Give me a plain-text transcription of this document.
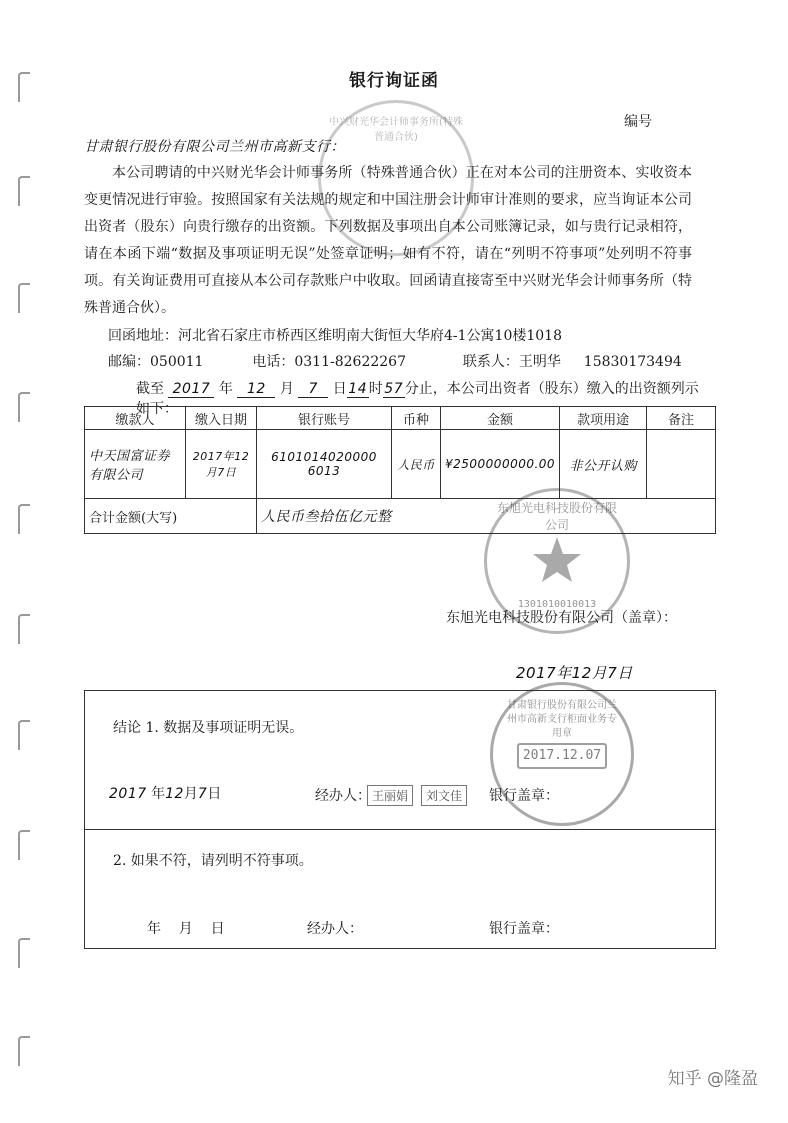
银行询证函
编号
甘肃银行股份有限公司兰州市高新支行：

本公司聘请的中兴财光华会计师事务所（特殊普通合伙）正在对本公司的注册资本、实收资本变更情况进行审验。按照国家有关法规的规定和中国注册会计师审计准则的要求，应当询证本公司出资者（股东）向贵行缴存的出资额。下列数据及事项出自本公司账簿记录，如与贵行记录相符，请在本函下端“数据及事项证明无误”处签章证明；如有不符，请在“列明不符事项”处列明不符事项。有关询证费用可直接从本公司存款账户中收取。回函请直接寄至中兴财光华会计师事务所（特殊普通合伙）。

回函地址：河北省石家庄市桥西区维明南大街恒大华府4-1公寓10楼1018
邮编：050011	电话：0311-82622267	联系人：王明华 15830173494
截至 2017 年 12 月 7 日 14 时 57 分止，本公司出资者（股东）缴入的出资额列示如下：
缴款人	缴入日期	银行账号	币种	金额	款项用途	备注
中天国富证券有限公司	2017年12月7日	6101014020000 6013	人民币	¥2500000000.00	非公开认购	
合计金额(大写)		人民币叁拾伍亿元整				
东旭光电科技股份有限公司
1301010010013
中兴财光华会计师事务所(特殊普通合伙)
东旭光电科技股份有限公司（盖章）：
2017年12月7日
结论 1. 数据及事项证明无误。
2017 年12月7日	经办人： 王丽娟	刘文佳	银行盖章：
甘肃银行股份有限公司兰州市高新支行柜面业务专用章
2017.12.07
2. 如果不符，请列明不符事项。
年    月    日	经办人：	银行盖章：
知乎 @隆盈
